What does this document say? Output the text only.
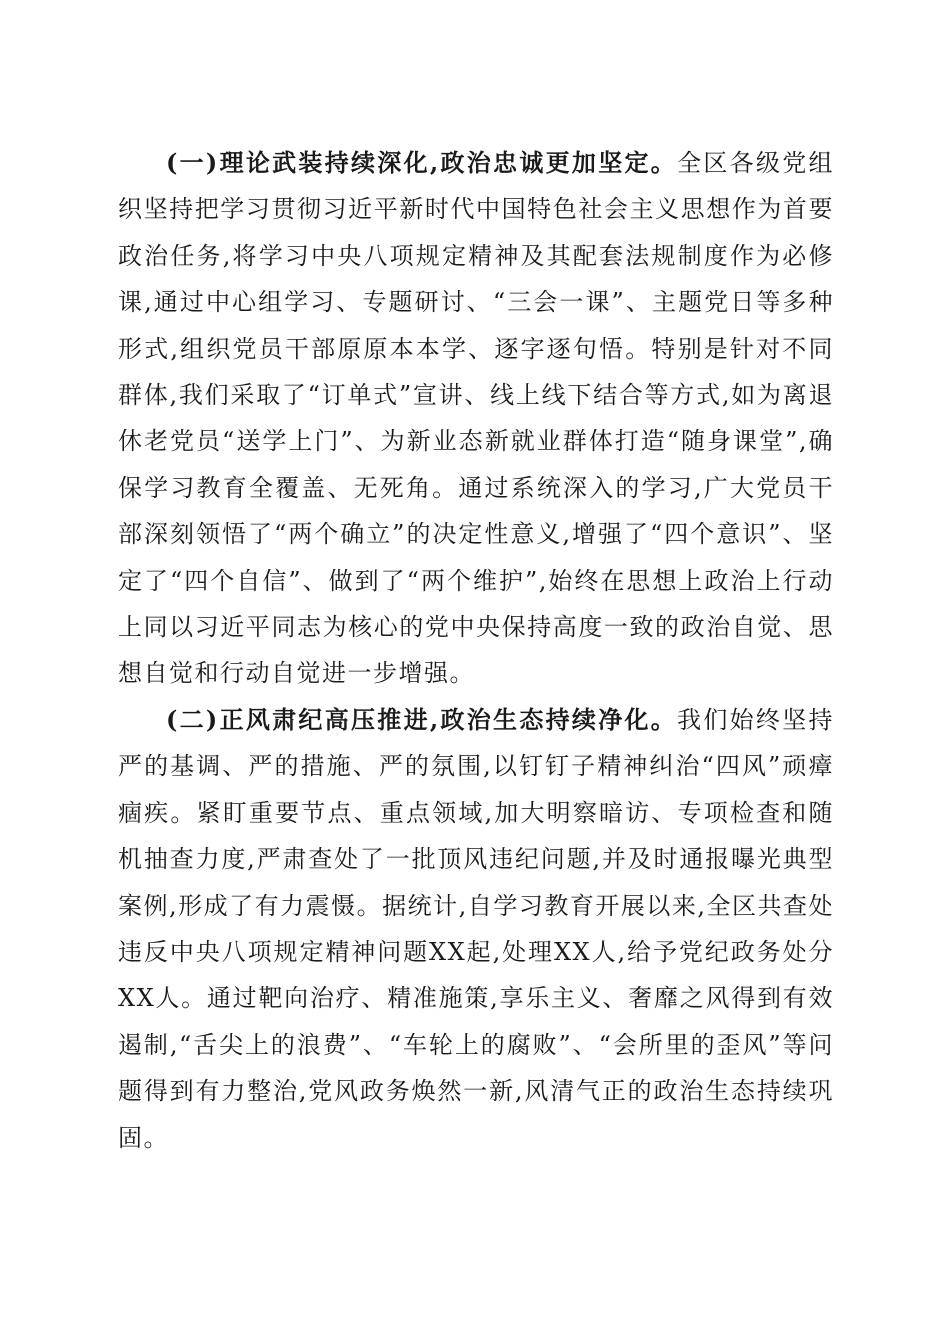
(一)理论武装持续深化,政治忠诚更加坚定。全区各级党组织坚持把学习贯彻习近平新时代中国特色社会主义思想作为首要政治任务,将学习中央八项规定精神及其配套法规制度作为必修课,通过中心组学习、专题研讨、“三会一课”、主题党日等多种形式,组织党员干部原原本本学、逐字逐句悟。特别是针对不同群体,我们采取了“订单式”宣讲、线上线下结合等方式,如为离退休老党员“送学上门”、为新业态新就业群体打造“随身课堂”,确保学习教育全覆盖、无死角。通过系统深入的学习,广大党员干部深刻领悟了“两个确立”的决定性意义,增强了“四个意识”、坚定了“四个自信”、做到了“两个维护”,始终在思想上政治上行动上同以习近平同志为核心的党中央保持高度一致的政治自觉、思想自觉和行动自觉进一步增强。

(二)正风肃纪高压推进,政治生态持续净化。我们始终坚持严的基调、严的措施、严的氛围,以钉钉子精神纠治“四风”顽瘴痼疾。紧盯重要节点、重点领域,加大明察暗访、专项检查和随机抽查力度,严肃查处了一批顶风违纪问题,并及时通报曝光典型案例,形成了有力震慑。据统计,自学习教育开展以来,全区共查处违反中央八项规定精神问题XX起,处理XX人,给予党纪政务处分XX人。通过靶向治疗、精准施策,享乐主义、奢靡之风得到有效遏制,“舌尖上的浪费”、“车轮上的腐败”、“会所里的歪风”等问题得到有力整治,党风政务焕然一新,风清气正的政治生态持续巩固。
